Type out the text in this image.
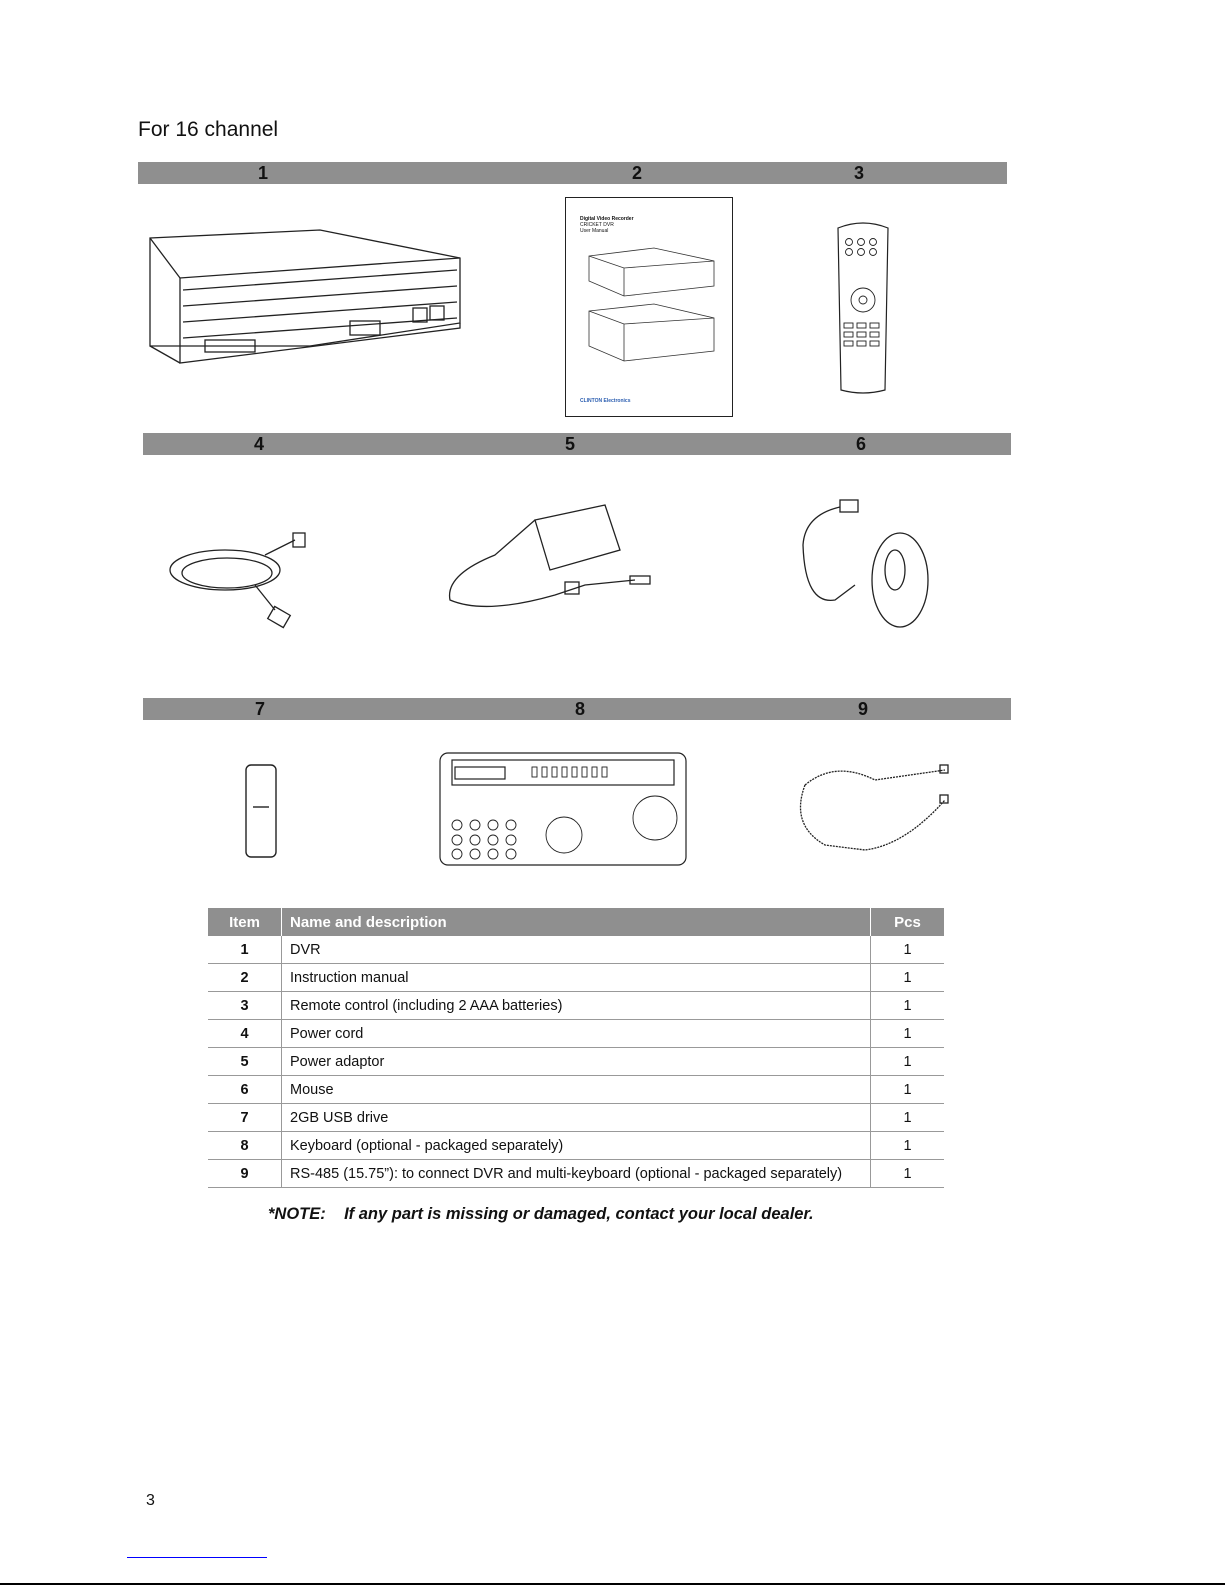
For 16 channel
1	2	3
4	5	6
7	8	9
Digital Video Recorder
CRICKET DVR
User Manual
CLINTON Electronics
Item	Name and description	Pcs
1	DVR	1
2	Instruction manual	1
3	Remote control (including 2 AAA batteries)	1
4	Power cord	1
5	Power adaptor	1
6	Mouse	1
7	2GB USB drive	1
8	Keyboard (optional - packaged separately)	1
9	RS-485 (15.75”): to connect DVR and multi-keyboard (optional - packaged separately)	1
*NOTE:    If any part is missing or damaged, contact your local dealer.
3
